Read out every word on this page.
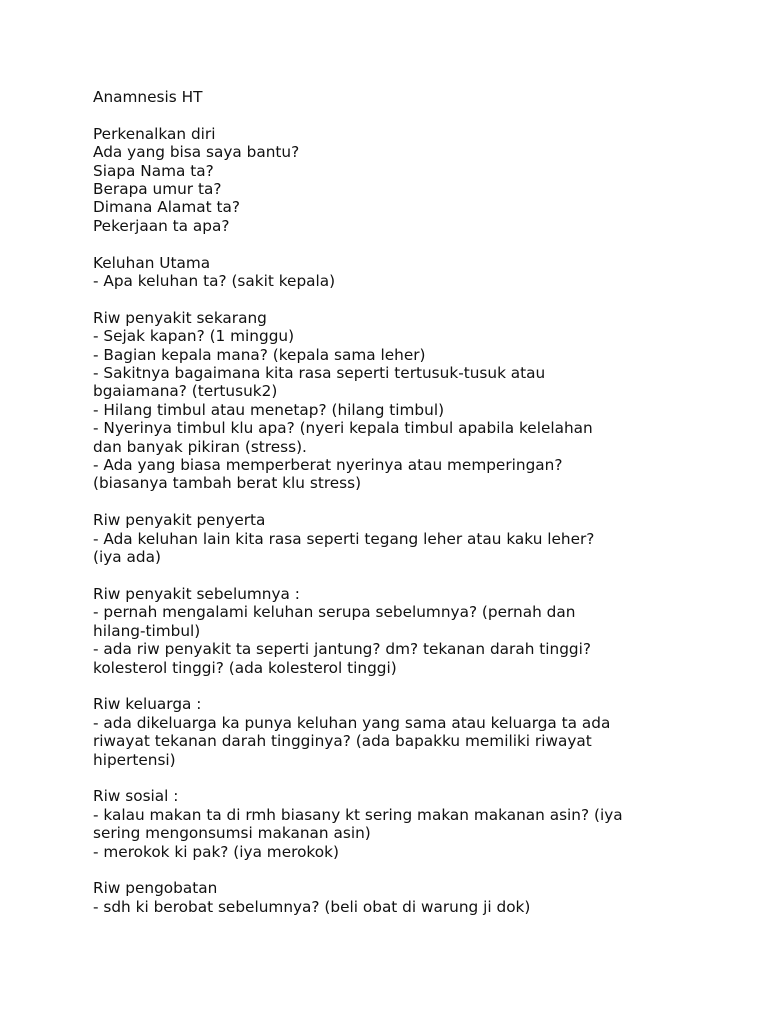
Anamnesis HT
Perkenalkan diri
Ada yang bisa saya bantu?
Siapa Nama ta?
Berapa umur ta?
Dimana Alamat ta?
Pekerjaan ta apa?
Keluhan Utama
- Apa keluhan ta? (sakit kepala)
Riw penyakit sekarang
- Sejak kapan? (1 minggu)
- Bagian kepala mana? (kepala sama leher)
- Sakitnya bagaimana kita rasa seperti tertusuk-tusuk atau
bgaiamana? (tertusuk2)
- Hilang timbul atau menetap? (hilang timbul)
- Nyerinya timbul klu apa? (nyeri kepala timbul apabila kelelahan
dan banyak pikiran (stress).
- Ada yang biasa memperberat nyerinya atau memperingan?
(biasanya tambah berat klu stress)
Riw penyakit penyerta
- Ada keluhan lain kita rasa seperti tegang leher atau kaku leher?
(iya ada)
Riw penyakit sebelumnya :
- pernah mengalami keluhan serupa sebelumnya? (pernah dan
hilang-timbul)
- ada riw penyakit ta seperti jantung? dm? tekanan darah tinggi?
kolesterol tinggi? (ada kolesterol tinggi)
Riw keluarga :
- ada dikeluarga ka punya keluhan yang sama atau keluarga ta ada
riwayat tekanan darah tingginya? (ada bapakku memiliki riwayat
hipertensi)
Riw sosial :
- kalau makan ta di rmh biasany kt sering makan makanan asin? (iya
sering mengonsumsi makanan asin)
- merokok ki pak? (iya merokok)
Riw pengobatan
- sdh ki berobat sebelumnya? (beli obat di warung ji dok)
